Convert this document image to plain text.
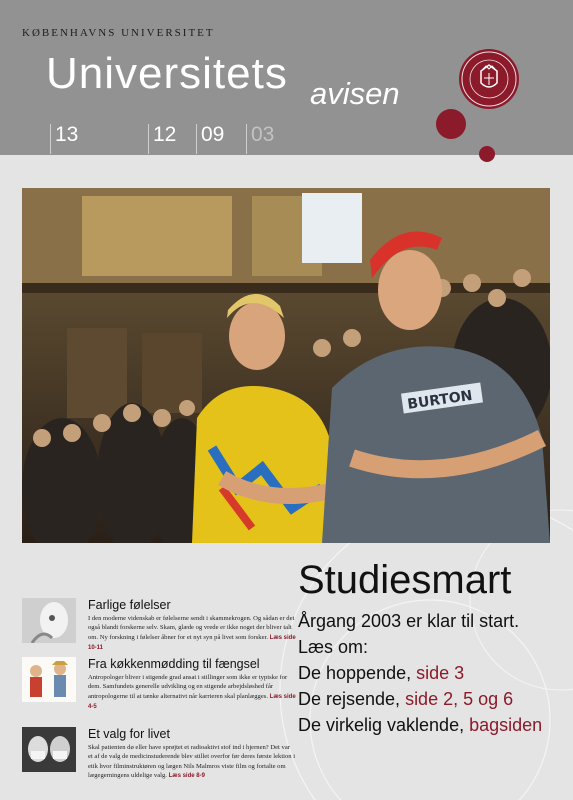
KØBENHAVNS UNIVERSITET
Universitets avisen
13	12 09 03
BURTON
Studiesmart
Årgang 2003 er klar til start.
Læs om:
De hoppende, side 3
De rejsende, side 2, 5 og 6
De virkelig vaklende, bagsiden
Farlige følelser
I den moderne videnskab er følelserne sendt i skammekrogen. Og sådan er det også blandt forskerne selv. Skam, glæde og vrede er ikke noget der bliver talt om. Ny forskning i følelser åbner for et nyt syn på livet som forsker. Læs side 10-11
Fra køkkenmødding til fængsel
Antropologer bliver i stigende grad ansat i stillinger som ikke er typiske for dem. Samfundets generelle udvikling og en stigende arbejdsløshed får antropologerne til at tænke alternativt når karrieren skal planlægges. Læs side 4-5
Et valg for livet
Skal patienten dø eller have sprøjtet et radioaktivt stof ind i hjernen? Det var et af de valg de medicinstuderende blev stillet overfor før deres første lektion i etik hvor filminstruktøren og lægen Nils Malmros viste film og fortalte om lægegerningens uldelige valg. Læs side 8-9
